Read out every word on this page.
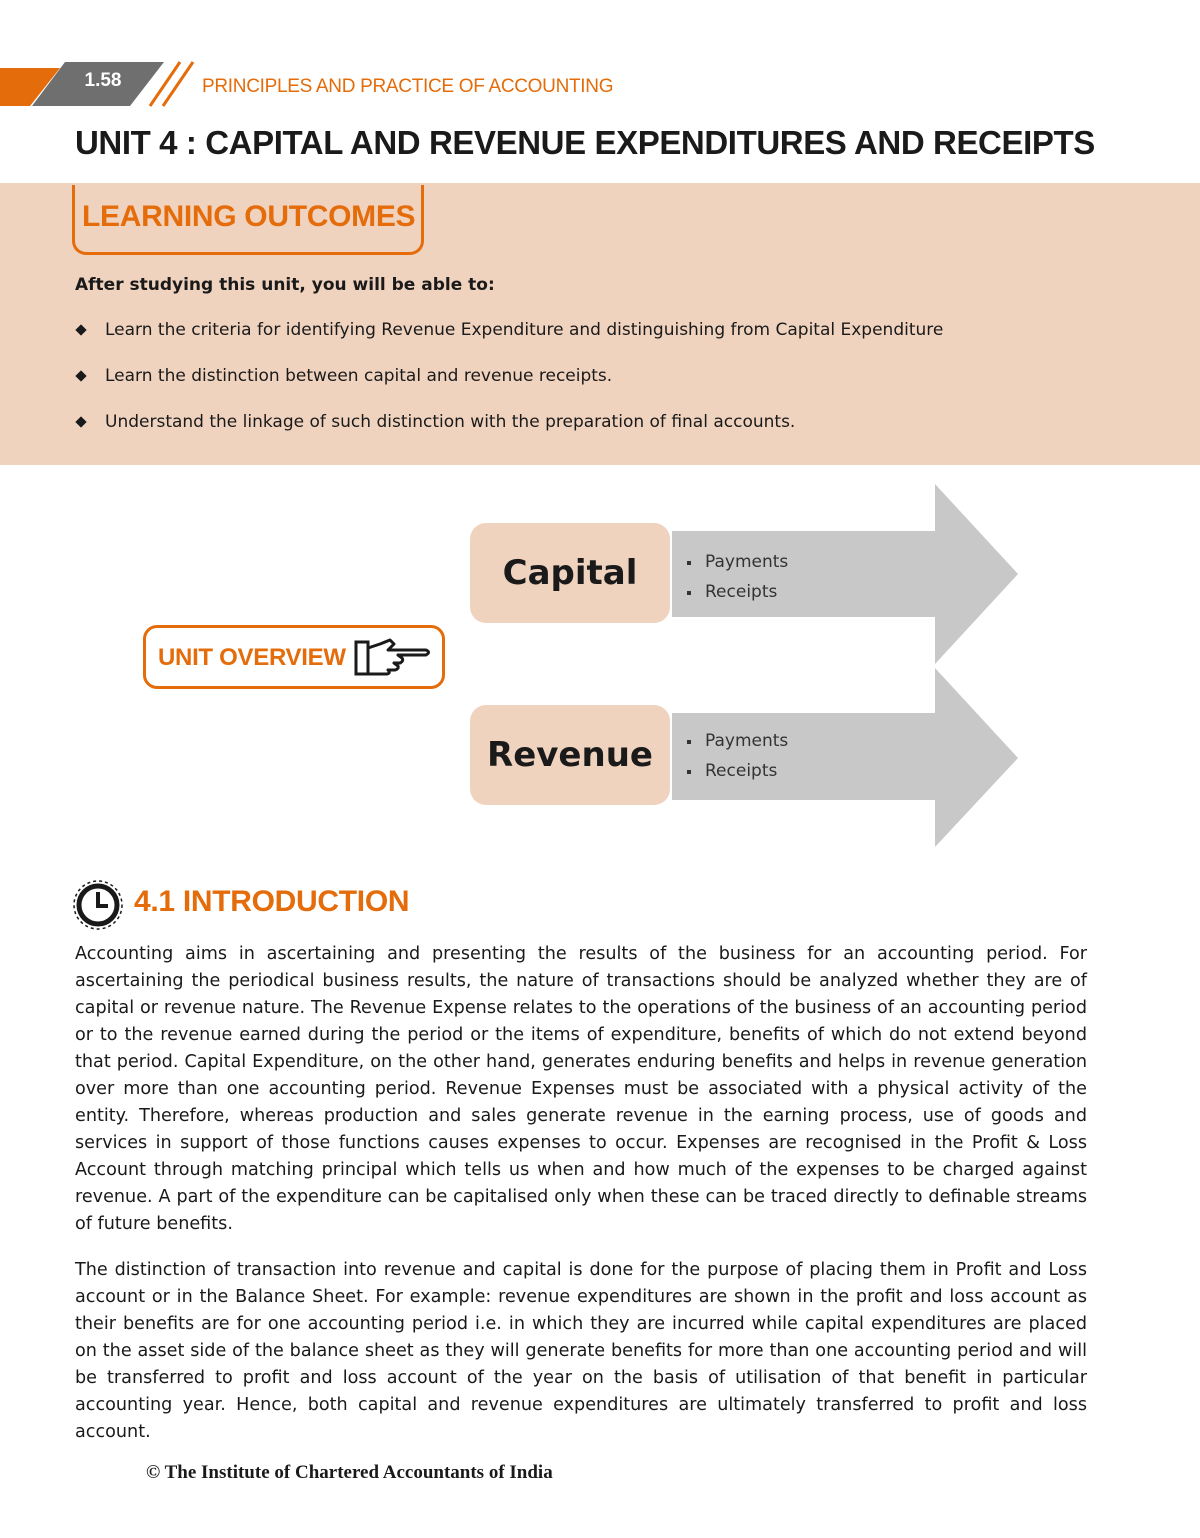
1.58	PRINCIPLES AND PRACTICE OF ACCOUNTING
UNIT 4 : CAPITAL AND REVENUE EXPENDITURES AND RECEIPTS
LEARNING OUTCOMES
After studying this unit, you will be able to:
Learn the criteria for identifying Revenue Expenditure and distinguishing from Capital Expenditure
Learn the distinction between capital and revenue receipts.
Understand the linkage of such distinction with the preparation of final accounts.
Capital	Payments
Receipts
Revenue	Payments
Receipts
UNIT OVERVIEW
4.1 INTRODUCTION

Accounting aims in ascertaining and presenting the results of the business for an accounting period. For ascertaining the periodical business results, the nature of transactions should be analyzed whether they are of capital or revenue nature. The Revenue Expense relates to the operations of the business of an accounting period or to the revenue earned during the period or the items of expenditure, benefits of which do not extend beyond that period. Capital Expenditure, on the other hand, generates enduring benefits and helps in revenue generation over more than one accounting period. Revenue Expenses must be associated with a physical activity of the entity. Therefore, whereas production and sales generate revenue in the earning process, use of goods and services in support of those functions causes expenses to occur. Expenses are recognised in the Profit & Loss Account through matching principal which tells us when and how much of the expenses to be charged against revenue. A part of the expenditure can be capitalised only when these can be traced directly to definable streams of future benefits.

The distinction of transaction into revenue and capital is done for the purpose of placing them in Profit and Loss account or in the Balance Sheet. For example: revenue expenditures are shown in the profit and loss account as their benefits are for one accounting period i.e. in which they are incurred while capital expenditures are placed on the asset side of the balance sheet as they will generate benefits for more than one accounting period and will be transferred to profit and loss account of the year on the basis of utilisation of that benefit in particular accounting year. Hence, both capital and revenue expenditures are ultimately transferred to profit and loss account.

© The Institute of Chartered Accountants of India
